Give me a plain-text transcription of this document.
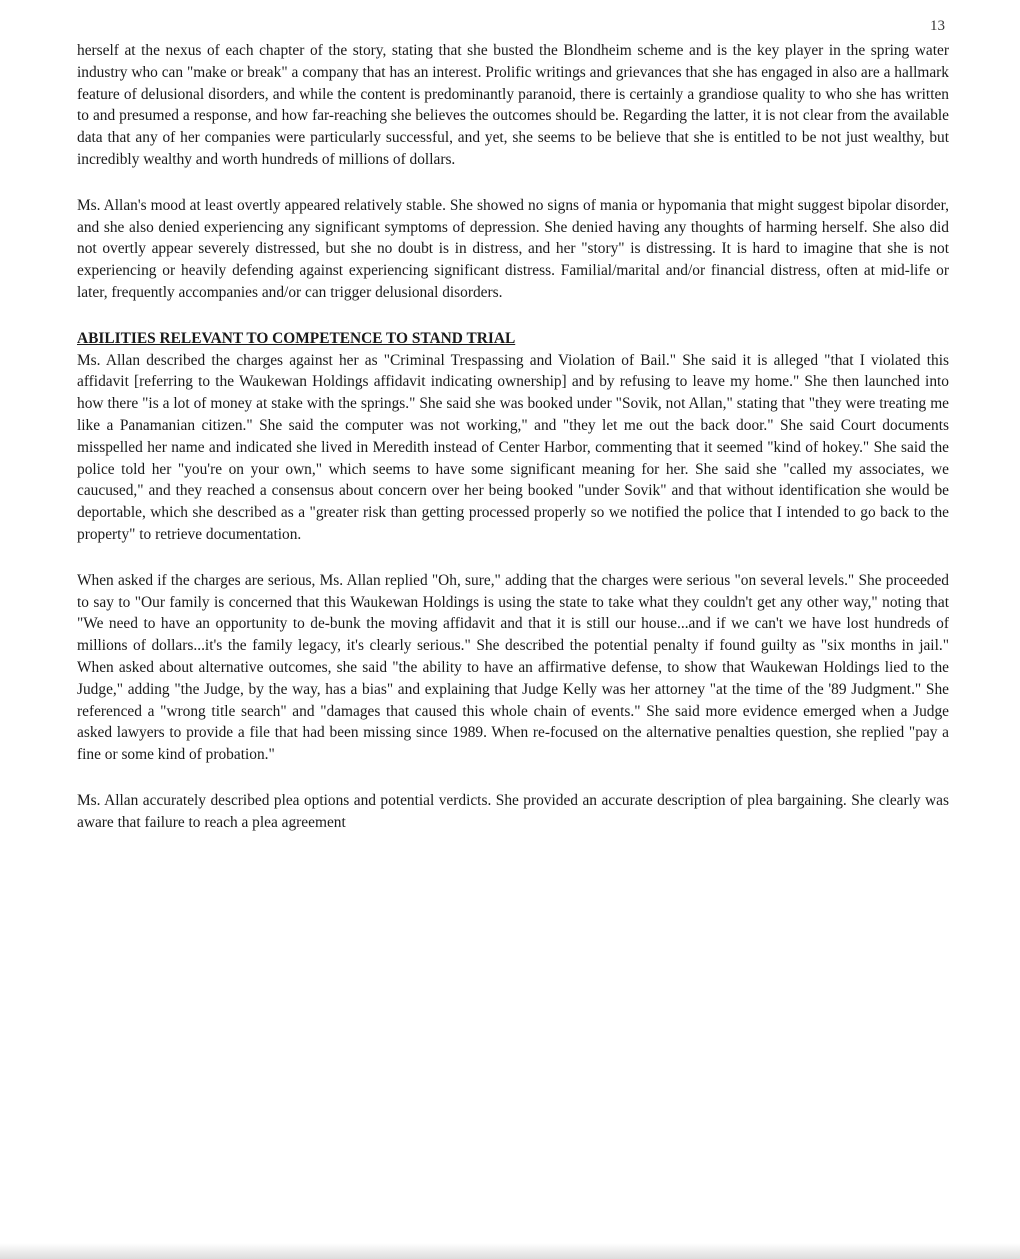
13

herself at the nexus of each chapter of the story, stating that she busted the Blondheim scheme and is the key player in the spring water industry who can "make or break" a company that has an interest. Prolific writings and grievances that she has engaged in also are a hallmark feature of delusional disorders, and while the content is predominantly paranoid, there is certainly a grandiose quality to who she has written to and presumed a response, and how far-reaching she believes the outcomes should be. Regarding the latter, it is not clear from the available data that any of her companies were particularly successful, and yet, she seems to be believe that she is entitled to be not just wealthy, but incredibly wealthy and worth hundreds of millions of dollars.

Ms. Allan's mood at least overtly appeared relatively stable. She showed no signs of mania or hypomania that might suggest bipolar disorder, and she also denied experiencing any significant symptoms of depression. She denied having any thoughts of harming herself. She also did not overtly appear severely distressed, but she no doubt is in distress, and her "story" is distressing. It is hard to imagine that she is not experiencing or heavily defending against experiencing significant distress. Familial/marital and/or financial distress, often at mid-life or later, frequently accompanies and/or can trigger delusional disorders.

ABILITIES RELEVANT TO COMPETENCE TO STAND TRIAL

Ms. Allan described the charges against her as "Criminal Trespassing and Violation of Bail." She said it is alleged "that I violated this affidavit [referring to the Waukewan Holdings affidavit indicating ownership] and by refusing to leave my home." She then launched into how there "is a lot of money at stake with the springs." She said she was booked under "Sovik, not Allan," stating that "they were treating me like a Panamanian citizen." She said the computer was not working," and "they let me out the back door." She said Court documents misspelled her name and indicated she lived in Meredith instead of Center Harbor, commenting that it seemed "kind of hokey." She said the police told her "you're on your own," which seems to have some significant meaning for her. She said she "called my associates, we caucused," and they reached a consensus about concern over her being booked "under Sovik" and that without identification she would be deportable, which she described as a "greater risk than getting processed properly so we notified the police that I intended to go back to the property" to retrieve documentation.

When asked if the charges are serious, Ms. Allan replied "Oh, sure," adding that the charges were serious "on several levels." She proceeded to say to "Our family is concerned that this Waukewan Holdings is using the state to take what they couldn't get any other way," noting that "We need to have an opportunity to de-bunk the moving affidavit and that it is still our house...and if we can't we have lost hundreds of millions of dollars...it's the family legacy, it's clearly serious." She described the potential penalty if found guilty as "six months in jail." When asked about alternative outcomes, she said "the ability to have an affirmative defense, to show that Waukewan Holdings lied to the Judge," adding "the Judge, by the way, has a bias" and explaining that Judge Kelly was her attorney "at the time of the '89 Judgment." She referenced a "wrong title search" and "damages that caused this whole chain of events." She said more evidence emerged when a Judge asked lawyers to provide a file that had been missing since 1989. When re-focused on the alternative penalties question, she replied "pay a fine or some kind of probation."

Ms. Allan accurately described plea options and potential verdicts. She provided an accurate description of plea bargaining. She clearly was aware that failure to reach a plea agreement
